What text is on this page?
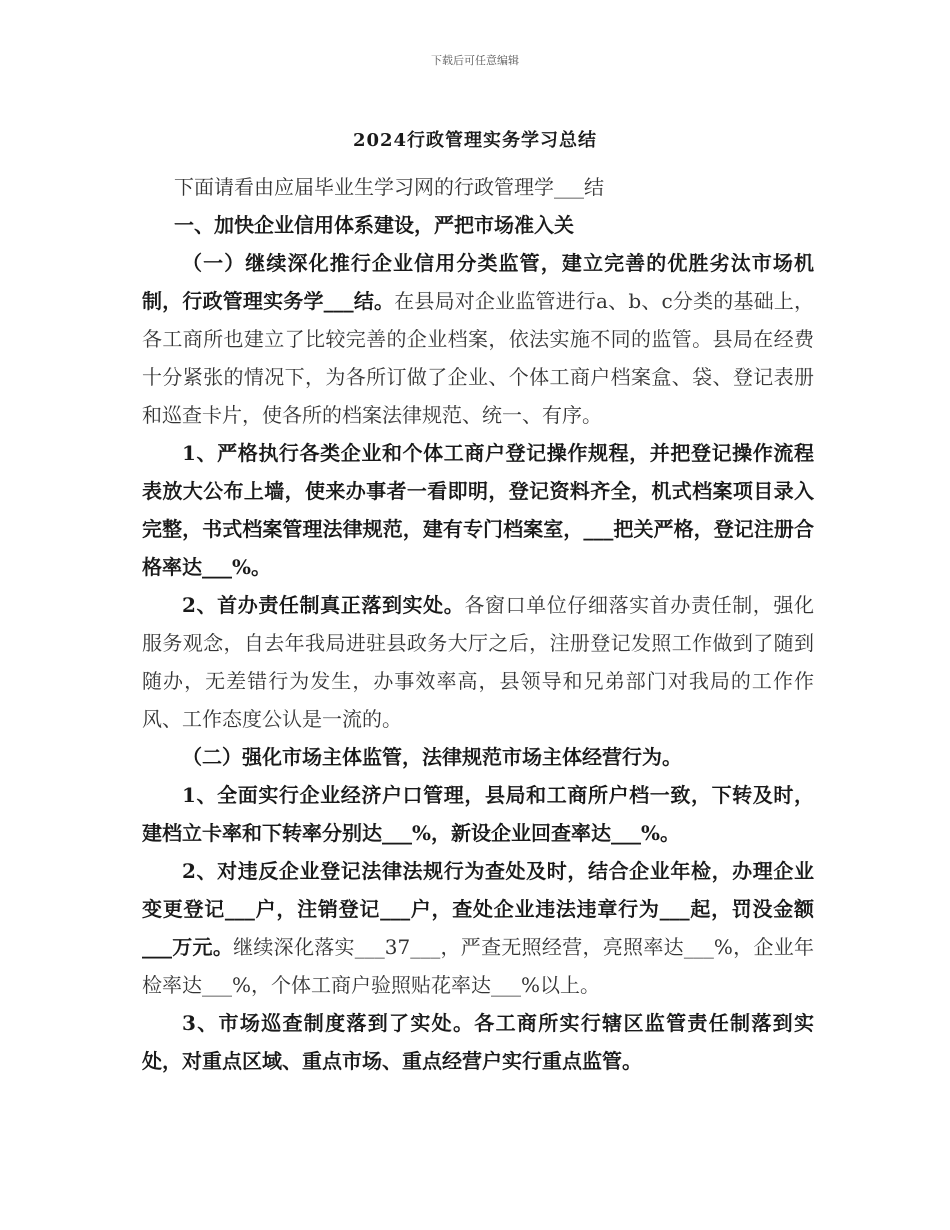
下载后可任意编辑
2024行政管理实务学习总结

下面请看由应届毕业生学习网的行政管理学___结

一、加快企业信用体系建设，严把市场准入关

（一）继续深化推行企业信用分类监管，建立完善的优胜劣汰市场机制，行政管理实务学___结。在县局对企业监管进行a、b、c分类的基础上，各工商所也建立了比较完善的企业档案，依法实施不同的监管。县局在经费十分紧张的情况下，为各所订做了企业、个体工商户档案盒、袋、登记表册和巡查卡片，使各所的档案法律规范、统一、有序。

1、严格执行各类企业和个体工商户登记操作规程，并把登记操作流程表放大公布上墙，使来办事者一看即明，登记资料齐全，机式档案项目录入完整，书式档案管理法律规范，建有专门档案室，___把关严格，登记注册合格率达___%。

2、首办责任制真正落到实处。各窗口单位仔细落实首办责任制，强化服务观念，自去年我局进驻县政务大厅之后，注册登记发照工作做到了随到随办，无差错行为发生，办事效率高，县领导和兄弟部门对我局的工作作风、工作态度公认是一流的。

（二）强化市场主体监管，法律规范市场主体经营行为。

1、全面实行企业经济户口管理，县局和工商所户档一致，下转及时，建档立卡率和下转率分别达___%，新设企业回查率达___%。

2、对违反企业登记法律法规行为查处及时，结合企业年检，办理企业变更登记___户，注销登记___户，查处企业违法违章行为___起，罚没金额___万元。继续深化落实___37___，严查无照经营，亮照率达___%，企业年检率达___%，个体工商户验照贴花率达___%以上。

3、市场巡查制度落到了实处。各工商所实行辖区监管责任制落到实处，对重点区域、重点市场、重点经营户实行重点监管。
